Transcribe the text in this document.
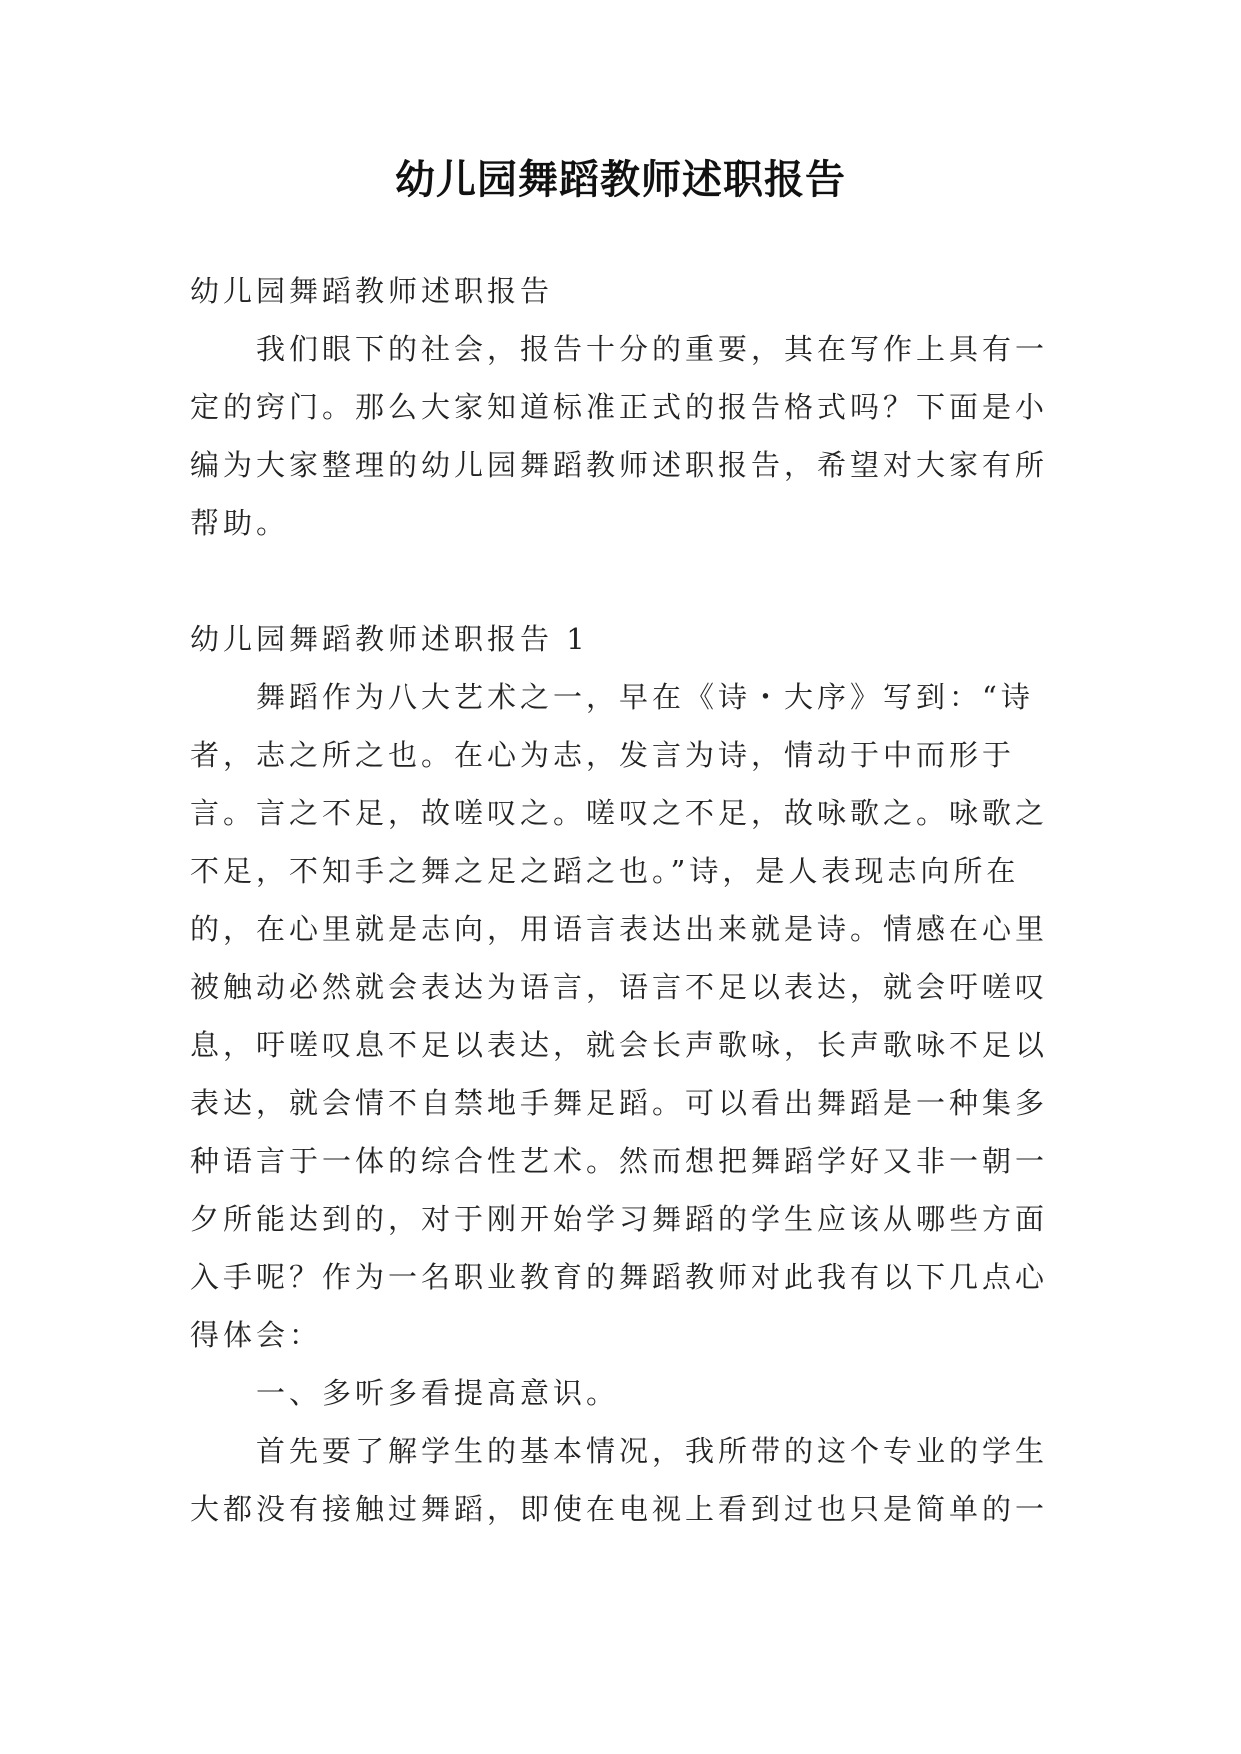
幼儿园舞蹈教师述职报告

幼儿园舞蹈教师述职报告

我们眼下的社会，报告十分的重要，其在写作上具有一定的窍门。那么大家知道标准正式的报告格式吗？下面是小编为大家整理的幼儿园舞蹈教师述职报告，希望对大家有所帮助。

幼儿园舞蹈教师述职报告 1

舞蹈作为八大艺术之一，早在《诗・大序》写到：“诗者，志之所之也。在心为志，发言为诗，情动于中而形于言。言之不足，故嗟叹之。嗟叹之不足，故咏歌之。咏歌之不足，不知手之舞之足之蹈之也。”诗，是人表现志向所在的，在心里就是志向，用语言表达出来就是诗。情感在心里被触动必然就会表达为语言，语言不足以表达，就会吁嗟叹息，吁嗟叹息不足以表达，就会长声歌咏，长声歌咏不足以表达，就会情不自禁地手舞足蹈。可以看出舞蹈是一种集多种语言于一体的综合性艺术。然而想把舞蹈学好又非一朝一夕所能达到的，对于刚开始学习舞蹈的学生应该从哪些方面入手呢？作为一名职业教育的舞蹈教师对此我有以下几点心得体会：

一、多听多看提高意识。

首先要了解学生的基本情况，我所带的这个专业的学生大都没有接触过舞蹈，即使在电视上看到过也只是简单的一
